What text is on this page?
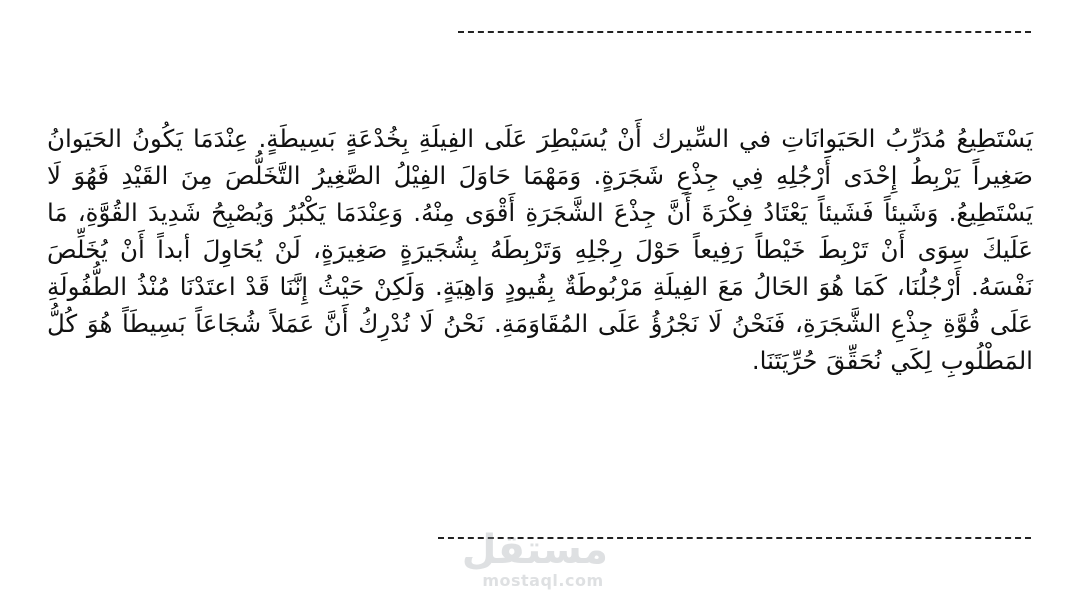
يَسْتَطِيعُ مُدَرِّبُ الحَيَوانَاتِ في السِّيرك أَنْ يُسَيْطِرَ عَلَى الفِيلَةِ بِخُدْعَةٍ بَسِيطَةٍ. عِنْدَمَا يَكُونُ الحَيَوانُ صَغِيراً يَرْبِطُ إِحْدَى أَرْجُلِهِ فِي جِذْعِ شَجَرَةٍ. وَمَهْمَا حَاوَلَ الفِيْلُ الصَّغِيرُ التَّخَلُّصَ مِنَ القَيْدِ فَهُوَ لَا يَسْتَطِيعُ. وَشَيئاً فَشَيئاً يَعْتَادُ فِكْرَةَ أَنَّ جِذْعَ الشَّجَرَةِ أَقْوَى مِنْهُ. وَعِنْدَمَا يَكْبُرُ وَيُصْبِحُ شَدِيدَ القُوَّةِ، مَا عَلَيكَ سِوَى أَنْ تَرْبِطَ خَيْطاً رَفِيعاً حَوْلَ رِجْلِهِ وَتَرْبِطَهُ بِشُجَيرَةٍ صَغِيرَةٍ، لَنْ يُحَاوِلَ أبداً أَنْ يُخَلِّصَ نَفْسَهُ. أَرْجُلُنَا، كَمَا هُوَ الحَالُ مَعَ الفِيلَةِ مَرْبُوطَةٌ بِقُيودٍ وَاهِيَةٍ. وَلَكِنْ حَيْثُ إِنَّنَا قَدْ اعتَدْنَا مُنْذُ الطُّفُولَةِ عَلَى قُوَّةِ جِذْعِ الشَّجَرَةِ، فَنَحْنُ لَا نَجْرُؤُ عَلَى المُقَاوَمَةِ. نَحْنُ لَا نُدْرِكُ أَنَّ عَمَلاً شُجَاعَاً بَسِيطَاً هُوَ كُلُّ المَطْلُوبِ لِكَي نُحَقِّقَ حُرِّيَتَنَا.

مستقل
mostaql.com
